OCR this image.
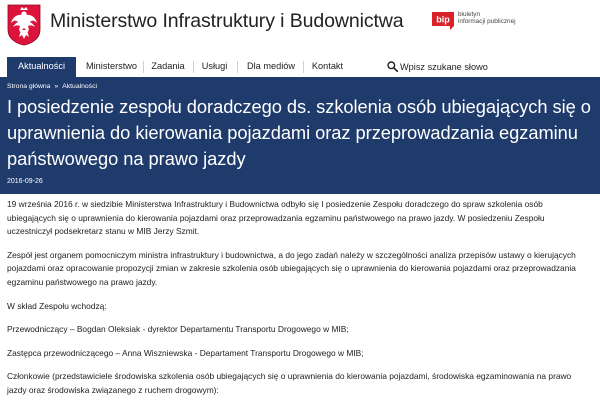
Ministerstwo Infrastruktury i Budownictwa	bip biuletyn
informacji publicznej
Aktualności	Ministerstwo	Zadania	Usługi	Dla mediów	Kontakt
Wpisz szukane słowo
Strona główna » Aktualności
I posiedzenie zespołu doradczego ds. szkolenia osób ubiegających się o uprawnienia do kierowania pojazdami oraz przeprowadzania egzaminu państwowego na prawo jazdy
2016-09-26

19 września 2016 r. w siedzibie Ministerstwa Infrastruktury i Budownictwa odbyło się I posiedzenie Zespołu doradczego do spraw szkolenia osób ubiegających się o uprawnienia do kierowania pojazdami oraz przeprowadzania egzaminu państwowego na prawo jazdy. W posiedzeniu Zespołu uczestniczył podsekretarz stanu w MIB Jerzy Szmit.

Zespół jest organem pomocniczym ministra infrastruktury i budownictwa, a do jego zadań należy w szczególności analiza przepisów ustawy o kierujących pojazdami oraz opracowanie propozycji zmian w zakresie szkolenia osób ubiegających się o uprawnienia do kierowania pojazdami oraz przeprowadzania egzaminu państwowego na prawo jazdy.

W skład Zespołu wchodzą:

Przewodniczący – Bogdan Oleksiak - dyrektor Departamentu Transportu Drogowego w MIB;

Zastępca przewodniczącego – Anna Wiszniewska - Departament Transportu Drogowego w MIB;

Członkowie (przedstawiciele środowiska szkolenia osób ubiegających się o uprawnienia do kierowania pojazdami, środowiska egzaminowania na prawo jazdy oraz środowiska związanego z ruchem drogowym):
